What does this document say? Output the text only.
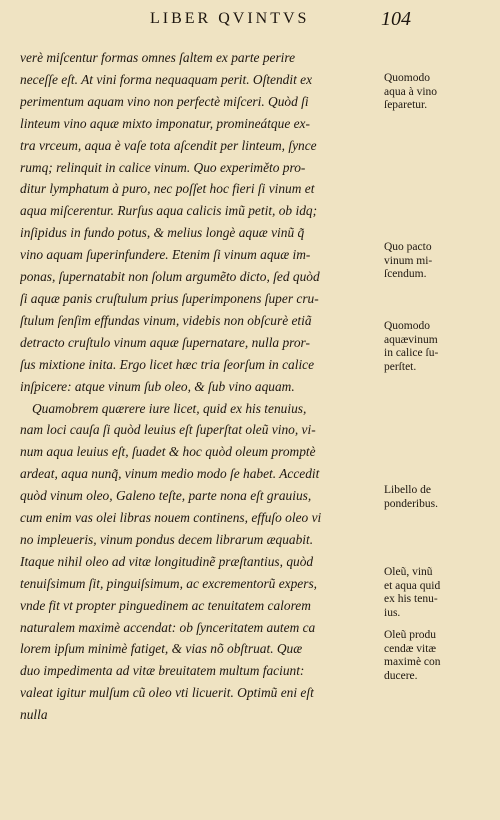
LIBER QVINTVS	104
verè miſcentur formas omnes ſaltem ex parte perire
neceſſe eſt. At vini forma nequaquam perit. Oſtendit ex
perimentum aquam vino non perfectè miſceri. Quòd ſi
linteum vino aquæ mixto imponatur, promineátque ex-
tra vrceum, aqua è vaſe tota aſcendit per linteum, ſynce
rumq; relinquit in calice vinum. Quo experiměto pro-
ditur lymphatum à puro, nec poſſet hoc fieri ſi vinum et
aqua miſcerentur. Rurſus aqua calicis imũ petit, ob idq;
inſipidus in fundo potus, & melius longè aquæ vinũ q̃
vino aquam ſuperinfundere. Etenim ſi vinum aquæ im-
ponas, ſupernatabit non ſolum argumẽto dicto, ſed quòd
ſi aquæ panis cruſtulum prius ſuperimponens ſuper cru-
ſtulum ſenſim effundas vinum, videbis non obſcurè etiã
detracto cruſtulo vinum aquæ ſupernatare, nulla pror-
ſus mixtione inita. Ergo licet hæc tria ſeorſum in calice
inſpicere: atque vinum ſub oleo, & ſub vino aquam.
Quamobrem quærere iure licet, quid ex his tenuius,
nam loci cauſa ſi quòd leuius eſt ſuperſtat oleũ vino, vi-
num aqua leuius eſt, ſuadet & hoc quòd oleum promptè
ardeat, aqua nunq̃, vinum medio modo ſe habet. Accedit
quòd vinum oleo, Galeno teſte, parte nona eſt grauius,
cum enim vas olei libras nouem continens, effuſo oleo vi
no impleueris, vinum pondus decem librarum æquabit.
Itaque nihil oleo ad vitæ longitudinẽ præſtantius, quòd
tenuiſsimum ſit, pinguiſsimum, ac excrementorũ expers,
vnde fit vt propter pinguedinem ac tenuitatem calorem
naturalem maximè accendat: ob ſynceritatem autem ca
lorem ipſum minimè fatiget, & vias nõ obſtruat. Quæ
duo impedimenta ad vitæ breuitatem multum faciunt:
valeat igitur mulſum cũ oleo vti licuerit. Optimũ eni eſt
nulla
Quomodo
aqua à vino
ſeparetur.
Quo pacto
vinum mi-
ſcendum.
Quomodo
aquævinum
in calice ſu-
perſtet.
Libello de
ponderibus.
Oleũ, vinũ
et aqua quid
ex his tenu-
ius.
Oleũ produ
cendæ vitæ
maximè con
ducere.
